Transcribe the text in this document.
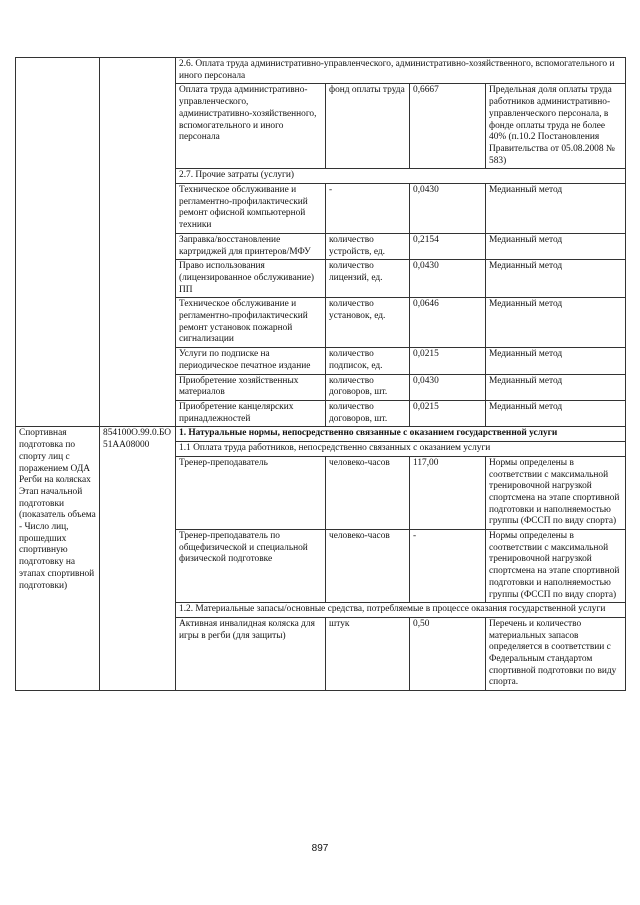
		2.6. Оплата труда административно-управленческого, административно-хозяйственного, вспомогательного и иного персонала			
		Оплата труда административно-управленческого, административно-хозяйственного, вспомогательного и иного персонала	фонд оплаты труда	0,6667	Предельная доля оплаты труда работников административно-управленческого персонала, в фонде оплаты труда не более 40% (п.10.2 Постановления Правительства от 05.08.2008 № 583)
		2.7. Прочие затраты (услуги)			
		Техническое обслуживание и регламентно-профилактический ремонт офисной компьютерной техники	-	0,0430	Медианный метод
		Заправка/восстановление картриджей для принтеров/МФУ	количество устройств, ед.	0,2154	Медианный метод
		Право использования (лицензированное обслуживание) ПП	количество лицензий, ед.	0,0430	Медианный метод
		Техническое обслуживание и регламентно-профилактический ремонт установок пожарной сигнализации	количество установок, ед.	0,0646	Медианный метод
		Услуги по подписке на периодическое печатное издание	количество подписок, ед.	0,0215	Медианный метод
		Приобретение хозяйственных материалов	количество договоров, шт.	0,0430	Медианный метод
		Приобретение канцелярских принадлежностей	количество договоров, шт.	0,0215	Медианный метод
Спортивная подготовка по спорту лиц с поражением ОДА Регби на колясках Этап начальной подготовки (показатель объема - Число лиц, прошедших спортивную подготовку на этапах спортивной подготовки)	854100О.99.0.БО51АА08000	1. Натуральные нормы, непосредственно связанные с оказанием государственной услуги			
		1.1 Оплата труда работников, непосредственно связанных с оказанием услуги			
		Тренер-преподаватель	человеко-часов	117,00	Нормы определены в соответствии с максимальной тренировочной нагрузкой спортсмена на этапе спортивной подготовки и наполняемостью группы (ФССП по виду спорта)
		Тренер-преподаватель по общефизической и специальной физической подготовке	человеко-часов	-	Нормы определены в соответствии с максимальной тренировочной нагрузкой спортсмена на этапе спортивной подготовки и наполняемостью группы (ФССП по виду спорта)
		1.2. Материальные запасы/основные средства, потребляемые в процессе оказания государственной услуги			
		Активная инвалидная коляска для игры в регби (для защиты)	штук	0,50	Перечень и количество материальных запасов определяется в соответствии с Федеральным стандартом спортивной подготовки по виду спорта.
897
